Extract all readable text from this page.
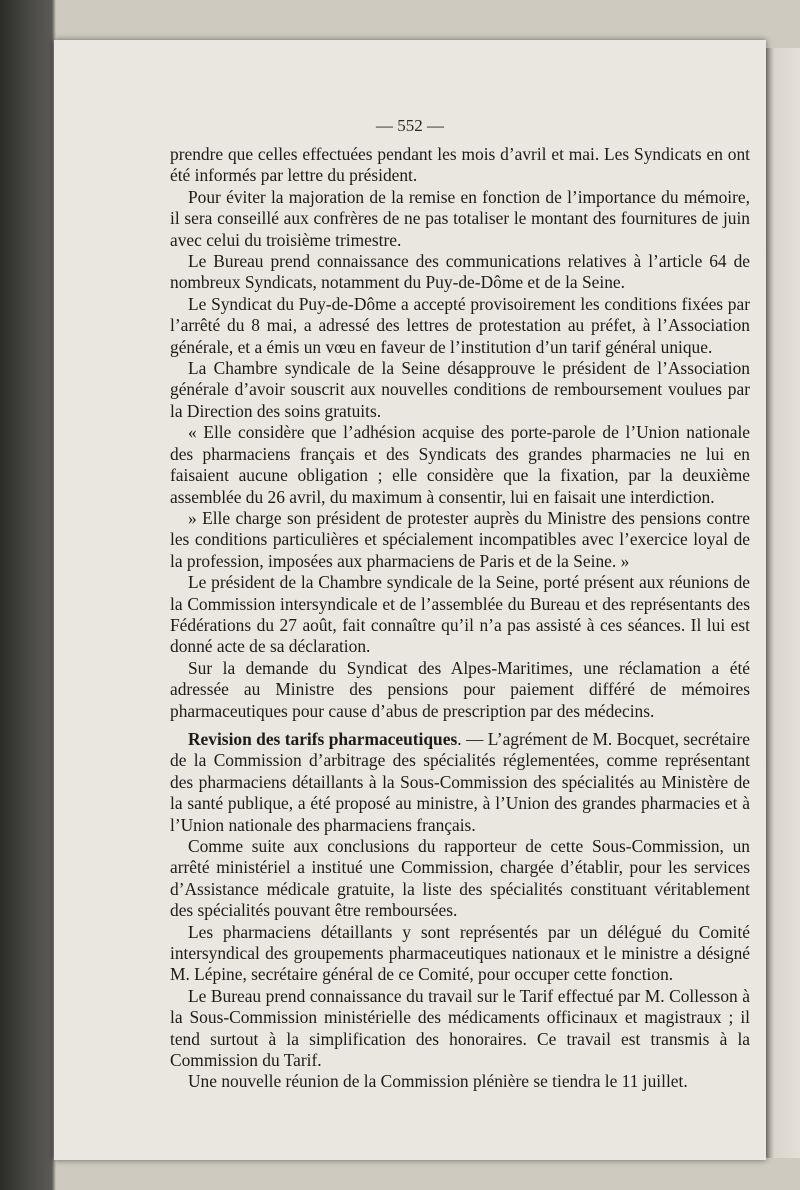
— 552 —

prendre que celles effectuées pendant les mois d’avril et mai. Les Syndicats en ont été informés par lettre du président.

Pour éviter la majoration de la remise en fonction de l’importance du mémoire, il sera conseillé aux confrères de ne pas totaliser le montant des fournitures de juin avec celui du troisième trimestre.

Le Bureau prend connaissance des communications relatives à l’article 64 de nombreux Syndicats, notamment du Puy-de-Dôme et de la Seine.

Le Syndicat du Puy-de-Dôme a accepté provisoirement les conditions fixées par l’arrêté du 8 mai, a adressé des lettres de protestation au préfet, à l’Association générale, et a émis un vœu en faveur de l’institution d’un tarif général unique.

La Chambre syndicale de la Seine désapprouve le président de l’Association générale d’avoir souscrit aux nouvelles conditions de remboursement voulues par la Direction des soins gratuits.

« Elle considère que l’adhésion acquise des porte-parole de l’Union nationale des pharmaciens français et des Syndicats des grandes pharmacies ne lui en faisaient aucune obligation ; elle considère que la fixation, par la deuxième assemblée du 26 avril, du maximum à consentir, lui en faisait une interdiction.

» Elle charge son président de protester auprès du Ministre des pensions contre les conditions particulières et spécialement incompatibles avec l’exercice loyal de la profession, imposées aux pharmaciens de Paris et de la Seine. »

Le président de la Chambre syndicale de la Seine, porté présent aux réunions de la Commission intersyndicale et de l’assemblée du Bureau et des représentants des Fédérations du 27 août, fait connaître qu’il n’a pas assisté à ces séances. Il lui est donné acte de sa déclaration.

Sur la demande du Syndicat des Alpes-Maritimes, une réclamation a été adressée au Ministre des pensions pour paiement différé de mémoires pharmaceutiques pour cause d’abus de prescription par des médecins.

Revision des tarifs pharmaceutiques. — L’agrément de M. Bocquet, secrétaire de la Commission d’arbitrage des spécialités réglementées, comme représentant des pharmaciens détaillants à la Sous-Commission des spécialités au Ministère de la santé publique, a été proposé au ministre, à l’Union des grandes pharmacies et à l’Union nationale des pharmaciens français.

Comme suite aux conclusions du rapporteur de cette Sous-Commission, un arrêté ministériel a institué une Commission, chargée d’établir, pour les services d’Assistance médicale gratuite, la liste des spécialités constituant véritablement des spécialités pouvant être remboursées.

Les pharmaciens détaillants y sont représentés par un délégué du Comité intersyndical des groupements pharmaceutiques nationaux et le ministre a désigné M. Lépine, secrétaire général de ce Comité, pour occuper cette fonction.

Le Bureau prend connaissance du travail sur le Tarif effectué par M. Collesson à la Sous-Commission ministérielle des médicaments officinaux et magistraux ; il tend surtout à la simplification des honoraires. Ce travail est transmis à la Commission du Tarif.

Une nouvelle réunion de la Commission plénière se tiendra le 11 juillet.
